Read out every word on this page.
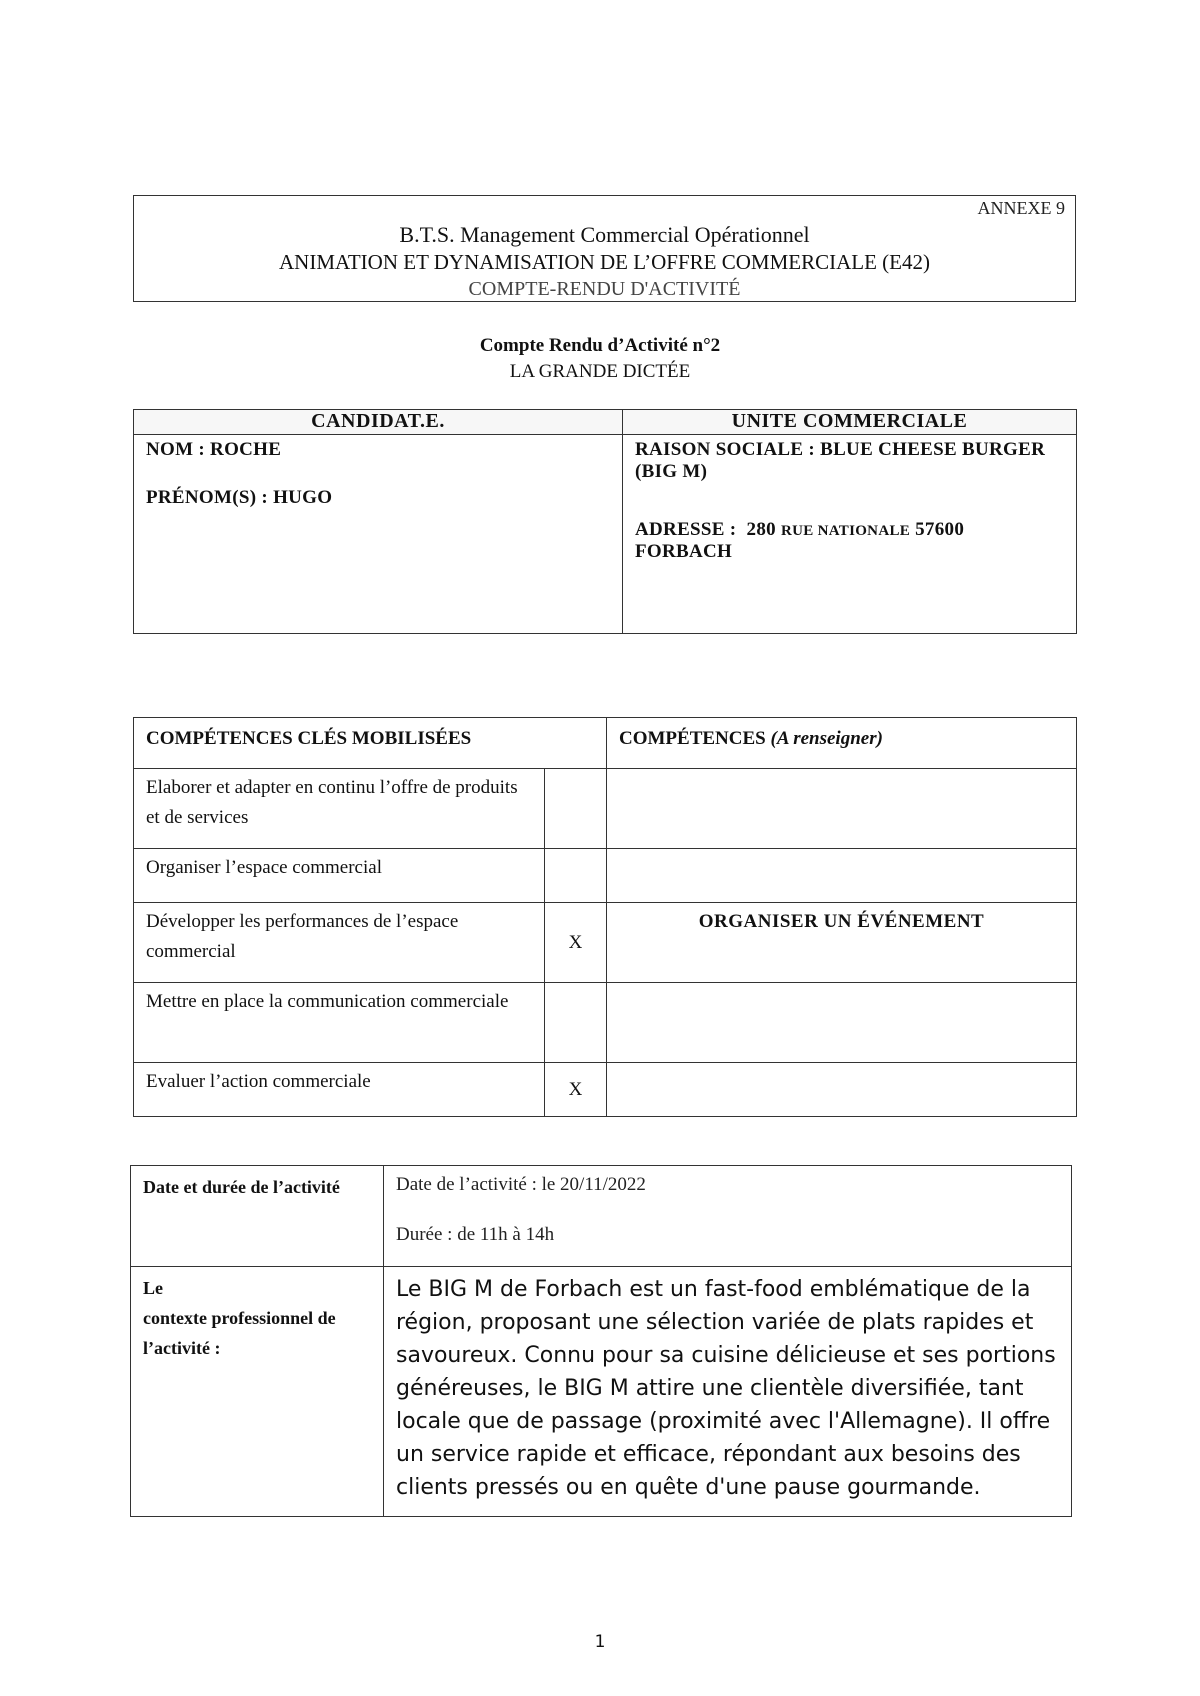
ANNEXE 9
B.T.S. Management Commercial Opérationnel
ANIMATION ET DYNAMISATION DE L’OFFRE COMMERCIALE (E42)
COMPTE-RENDU D'ACTIVITÉ
Compte Rendu d’Activité n°2
LA GRANDE DICTÉE
CANDIDAT.E.	UNITE COMMERCIALE

NOM : ROCHE
PRÉNOM(S) : HUGO	RAISON SOCIALE : BLUE CHEESE BURGER (BIG M)
ADRESSE : 280 RUE NATIONALE 57600
FORBACH
COMPÉTENCES CLÉS MOBILISÉES		COMPÉTENCES (A renseigner)
Elaborer et adapter en continu l’offre de produits et de services		
Organiser l’espace commercial		
Développer les performances de l’espace commercial	X	ORGANISER UN ÉVÉNEMENT
Mettre en place la communication commerciale		
Evaluer l’action commerciale	X	
Date et durée de l’activité	Date de l’activité : le 20/11/2022
Durée : de 11h à 14h

Le
contexte professionnel de l’activité :	Le BIG M de Forbach est un fast-food emblématique de la région, proposant une sélection variée de plats rapides et savoureux. Connu pour sa cuisine délicieuse et ses portions généreuses, le BIG M attire une clientèle diversifiée, tant locale que de passage (proximité avec l'Allemagne). Il offre un service rapide et efficace, répondant aux besoins des clients pressés ou en quête d'une pause gourmande.
1
